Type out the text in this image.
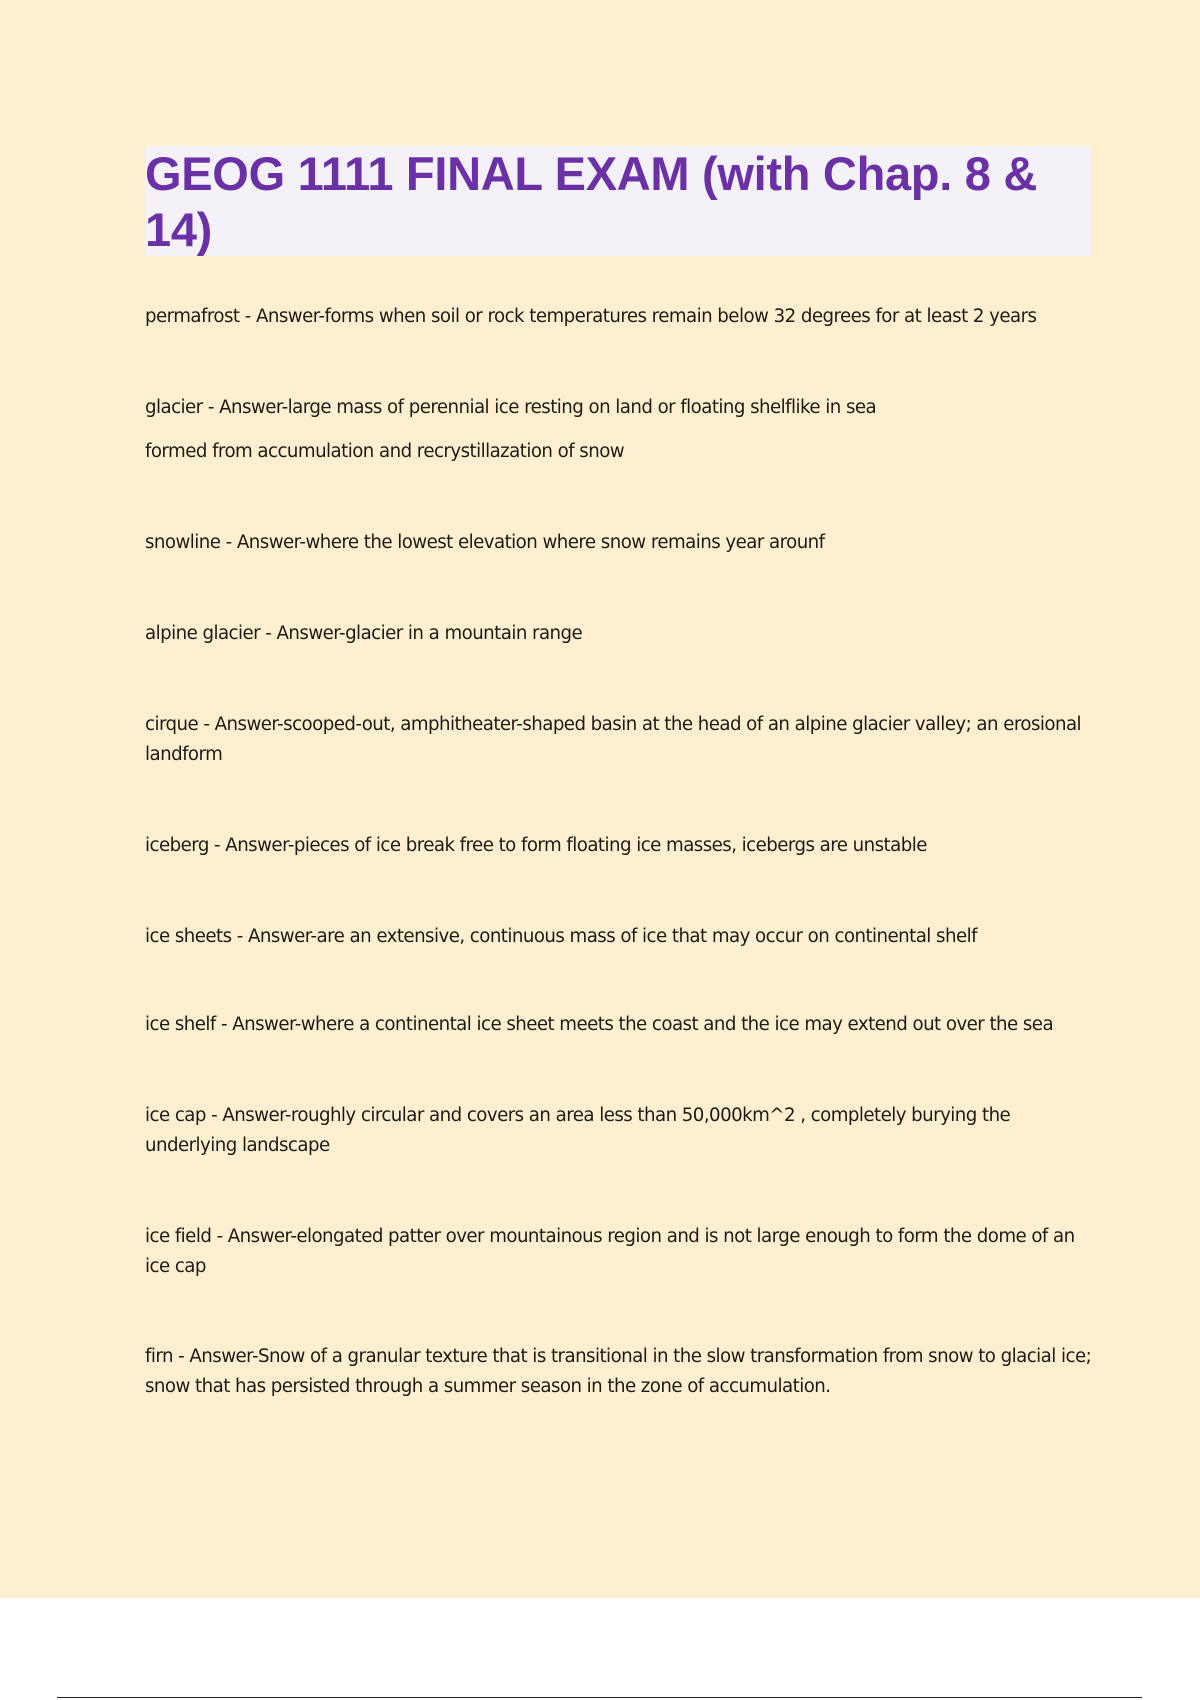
GEOG 1111 FINAL EXAM (with Chap. 8 & 14)

permafrost - Answer-forms when soil or rock temperatures remain below 32 degrees for at least 2 years

glacier - Answer-large mass of perennial ice resting on land or floating shelflike in sea
formed from accumulation and recrystillazation of snow

snowline - Answer-where the lowest elevation where snow remains year arounf

alpine glacier - Answer-glacier in a mountain range

cirque - Answer-scooped-out, amphitheater-shaped basin at the head of an alpine glacier valley; an erosional landform

iceberg - Answer-pieces of ice break free to form floating ice masses, icebergs are unstable

ice sheets - Answer-are an extensive, continuous mass of ice that may occur on continental shelf

ice shelf - Answer-where a continental ice sheet meets the coast and the ice may extend out over the sea

ice cap - Answer-roughly circular and covers an area less than 50,000km^2 , completely burying the underlying landscape

ice field - Answer-elongated patter over mountainous region and is not large enough to form the dome of an ice cap

firn - Answer-Snow of a granular texture that is transitional in the slow transformation from snow to glacial ice; snow that has persisted through a summer season in the zone of accumulation.
